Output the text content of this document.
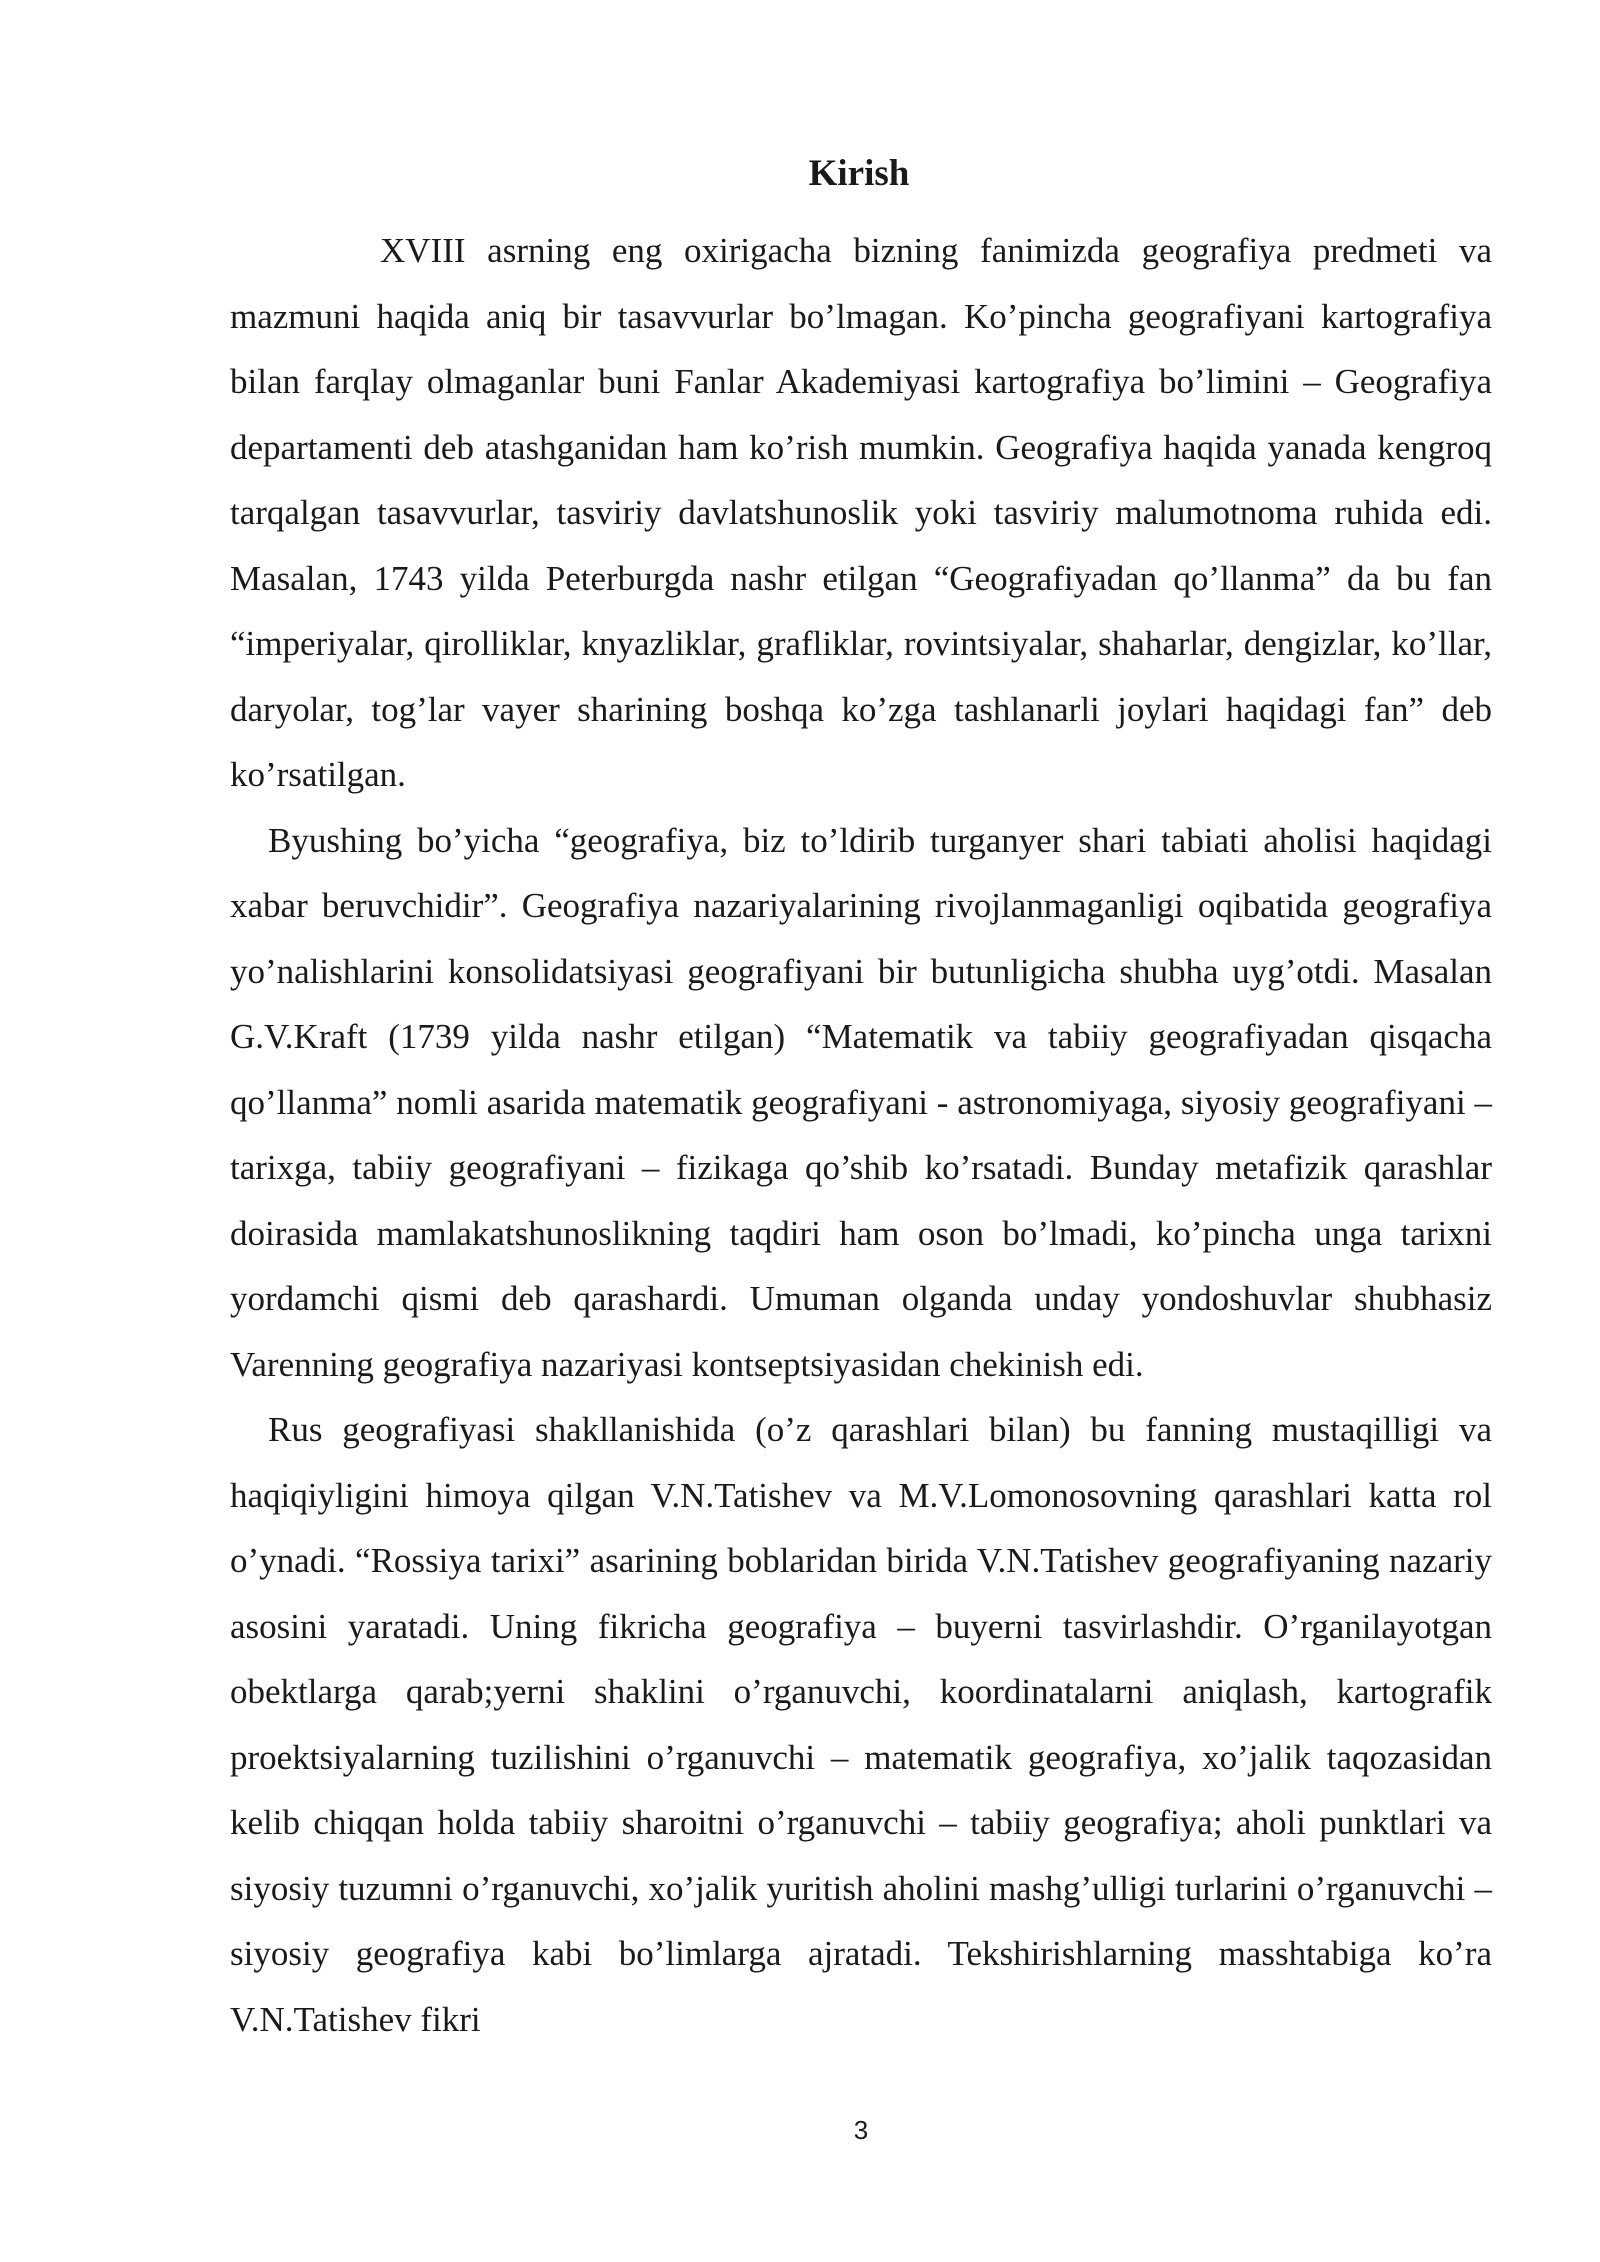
Kirish

XVIII asrning eng oxirigacha bizning fanimizda geografiya predmeti va mazmuni haqida aniq bir tasavvurlar bo’lmagan. Ko’pincha geografiyani kartografiya bilan farqlay olmaganlar buni Fanlar Akademiyasi kartografiya bo’limini – Geografiya departamenti deb atashganidan ham ko’rish mumkin. Geografiya haqida yanada kengroq tarqalgan tasavvurlar, tasviriy davlatshunoslik yoki tasviriy malumotnoma ruhida edi. Masalan, 1743 yilda Peterburgda nashr etilgan “Geografiyadan qo’llanma” da bu fan “imperiyalar, qirolliklar, knyazliklar, grafliklar, rovintsiyalar, shaharlar, dengizlar, ko’llar, daryolar, tog’lar vayer sharining boshqa ko’zga tashlanarli joylari haqidagi fan” deb ko’rsatilgan.

Byushing bo’yicha “geografiya, biz to’ldirib turganyer shari tabiati aholisi haqidagi xabar beruvchidir”. Geografiya nazariyalarining rivojlanmaganligi oqibatida geografiya yo’nalishlarini konsolidatsiyasi geografiyani bir butunligicha shubha uyg’otdi. Masalan G.V.Kraft (1739 yilda nashr etilgan) “Matematik va tabiiy geografiyadan qisqacha qo’llanma” nomli asarida matematik geografiyani - astronomiyaga, siyosiy geografiyani – tarixga, tabiiy geografiyani – fizikaga qo’shib ko’rsatadi. Bunday metafizik qarashlar doirasida mamlakatshunoslikning taqdiri ham oson bo’lmadi, ko’pincha unga tarixni yordamchi qismi deb qarashardi. Umuman olganda unday yondoshuvlar shubhasiz Varenning geografiya nazariyasi kontseptsiyasidan chekinish edi.

Rus geografiyasi shakllanishida (o’z qarashlari bilan) bu fanning mustaqilligi va haqiqiyligini himoya qilgan V.N.Tatishev va M.V.Lomonosovning qarashlari katta rol o’ynadi. “Rossiya tarixi” asarining boblaridan birida V.N.Tatishev geografiyaning nazariy asosini yaratadi. Uning fikricha geografiya – buyerni tasvirlashdir. O’rganilayotgan obektlarga qarab;yerni shaklini o’rganuvchi, koordinatalarni aniqlash, kartografik proektsiyalarning tuzilishini o’rganuvchi – matematik geografiya, xo’jalik taqozasidan kelib chiqqan holda tabiiy sharoitni o’rganuvchi – tabiiy geografiya; aholi punktlari va siyosiy tuzumni o’rganuvchi, xo’jalik yuritish aholini mashg’ulligi turlarini o’rganuvchi – siyosiy geografiya kabi bo’limlarga ajratadi. Tekshirishlarning masshtabiga ko’ra V.N.Tatishev fikri

3
